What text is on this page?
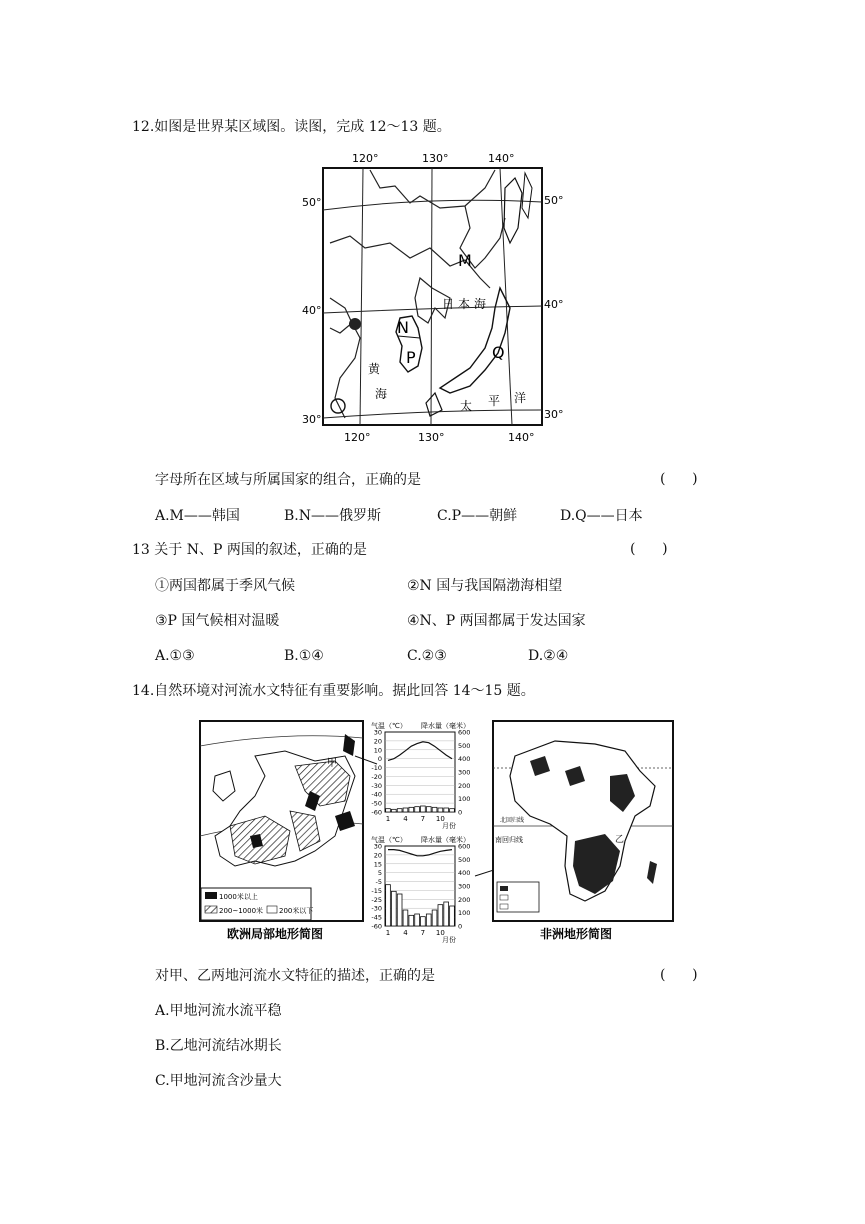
12.如图是世界某区域图。读图，完成 12～13 题。
120°	130°	140°
120°	130°	140°
50°
40°
30°
50°
40°
30°
M
N
P	Q
日本海
黄
海
太 平 洋
字母所在区域与所属国家的组合，正确的是	(      )
A.M——韩国	B.N——俄罗斯	C.P——朝鲜	D.Q——日本
13 关于 N、P 两国的叙述，正确的是	(      )
①两国都属于季风气候	②N 国与我国隔渤海相望
③P 国气候相对温暖	④N、P 两国都属于发达国家
A.①③	B.①④	C.②③	D.②④
14.自然环境对河流水文特征有重要影响。据此回答 14～15 题。
甲
1000米以上
200~1000米 200米以下
欧洲局部地形简图
气温（℃） 降水量（毫米）
30
20
10
0
-10
-20
-30
-40
-50
-60
600
500
400
300
200
100
0
1 4 7 10
月份
气温（℃） 降水量（毫米）
30
20
15
5
-5
-15
-25
-30
-45
-60
600
500
400
300
200
100
0
1 4 7 10
月份
北回归线
南回归线	乙
非洲地形简图
对甲、乙两地河流水文特征的描述，正确的是	(      )
A.甲地河流水流平稳
B.乙地河流结冰期长
C.甲地河流含沙量大
